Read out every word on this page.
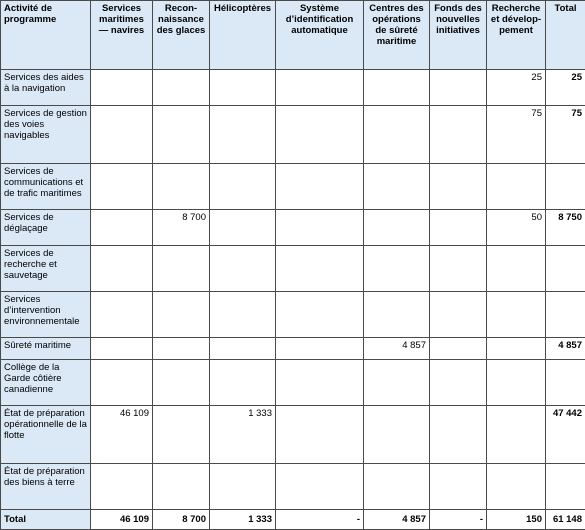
Activité de programme	Services maritimes — navires	Recon-naissance des glaces	Hélicoptères	Système d’identification automatique	Centres des opérations de sûreté maritime	Fonds des nouvelles initiatives	Recherche et dévelop-pement	Total
Services des aides à la navigation							25	25
Services de gestion des voies navigables							75	75
Services de communications et de trafic maritimes								
Services de déglaçage		8 700					50	8 750
Services de recherche et sauvetage								
Services d’intervention environnementale								
Sûreté maritime					4 857			4 857
Collège de la Garde côtière canadienne								
État de préparation opérationnelle de la flotte	46 109		1 333					47 442
État de préparation des biens à terre								
Total	46 109	8 700	1 333	-	4 857	-	150	61 148
